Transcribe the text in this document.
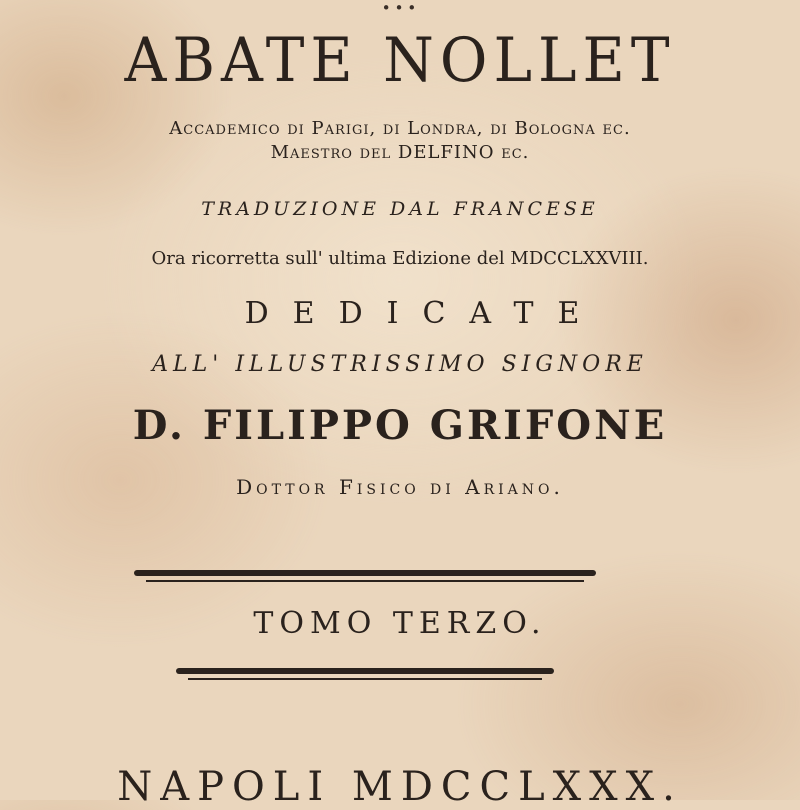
ABATE NOLLET
Accademico di Parigi, di Londra, di Bologna ec.
Maestro del DELFINO ec.
TRADUZIONE DAL FRANCESE
Ora ricorretta sull' ultima Edizione del MDCCLXXVIII.
DEDICATE
ALL' ILLUSTRISSIMO SIGNORE
D. FILIPPO GRIFONE
Dottor Fisico di Ariano.
TOMO TERZO.
NAPOLI MDCCLXXX.
